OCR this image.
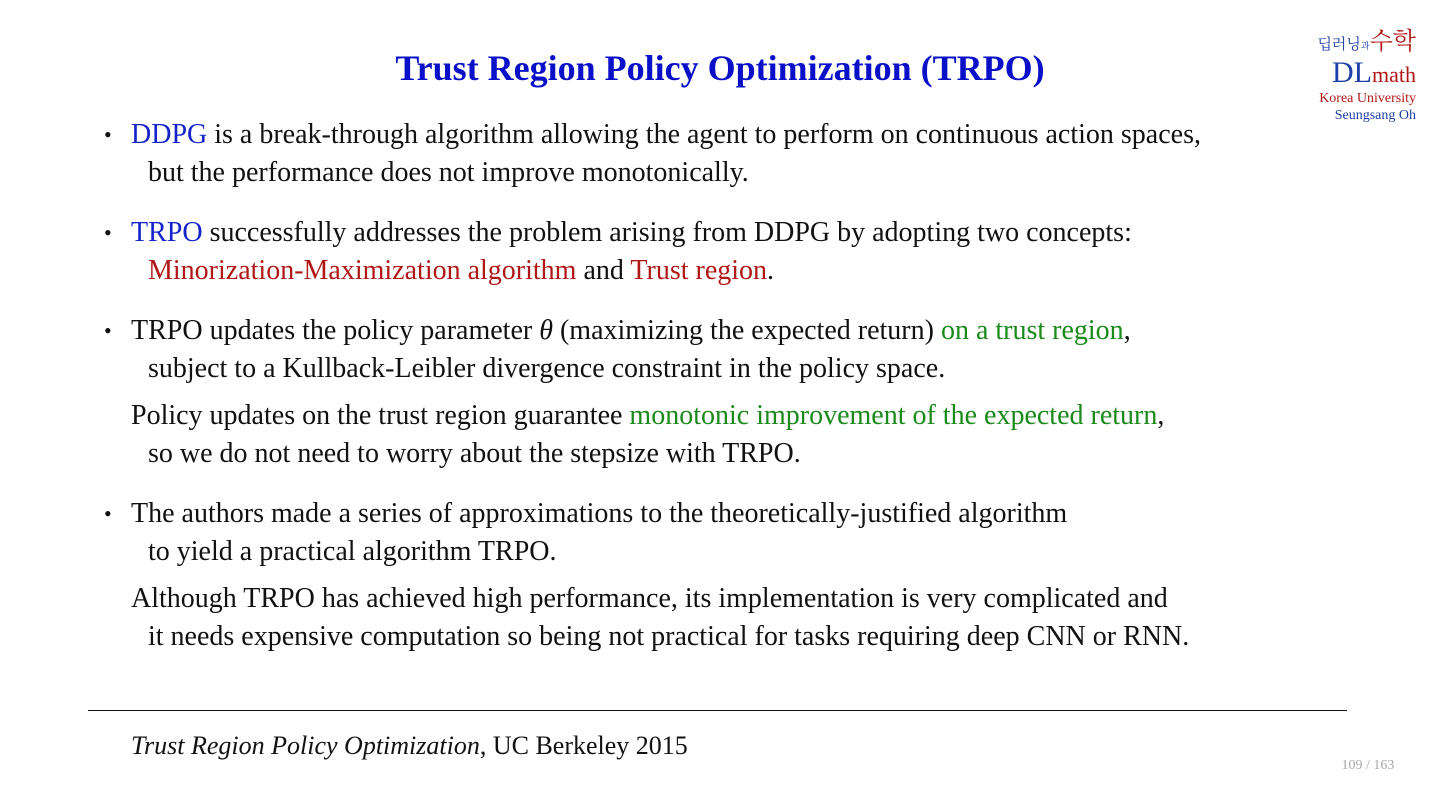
Trust Region Policy Optimization (TRPO)
딥러닝과수학
DLmath
Korea University
Seungsang Oh
• DDPG is a break-through algorithm allowing the agent to perform on continuous action spaces,
but the performance does not improve monotonically.
• TRPO successfully addresses the problem arising from DDPG by adopting two concepts:
Minorization-Maximization algorithm and Trust region.
• TRPO updates the policy parameter θ (maximizing the expected return) on a trust region,
subject to a Kullback-Leibler divergence constraint in the policy space.
Policy updates on the trust region guarantee monotonic improvement of the expected return,
so we do not need to worry about the stepsize with TRPO.
• The authors made a series of approximations to the theoretically-justified algorithm
to yield a practical algorithm TRPO.
Although TRPO has achieved high performance, its implementation is very complicated and
it needs expensive computation so being not practical for tasks requiring deep CNN or RNN.
Trust Region Policy Optimization, UC Berkeley 2015
109 / 163
